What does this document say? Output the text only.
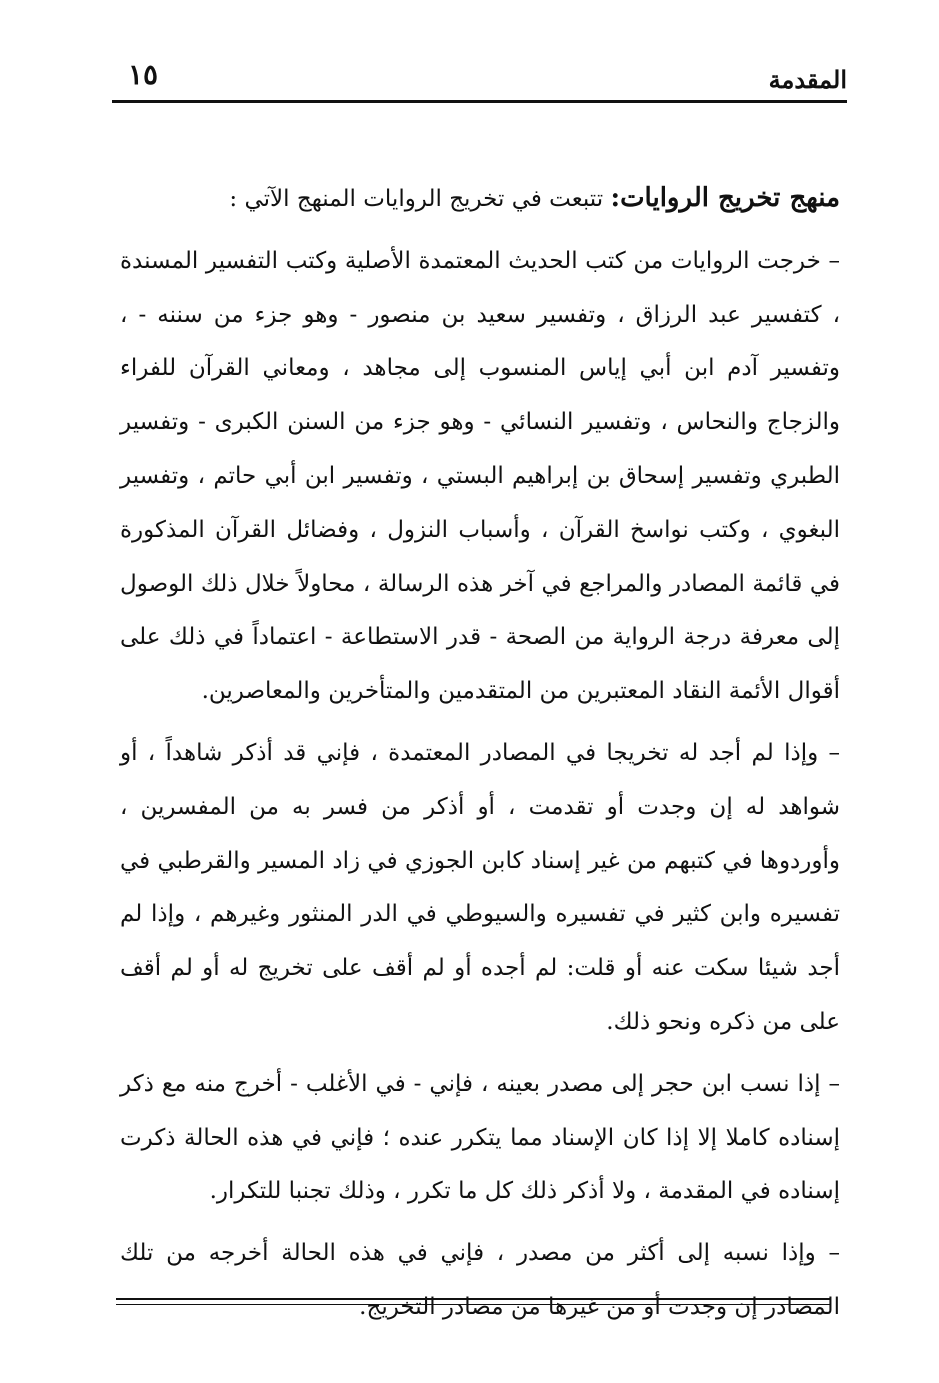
المقدمة
١٥

منهج تخريج الروايات: تتبعت في تخريج الروايات المنهج الآتي :

– خرجت الروايات من كتب الحديث المعتمدة الأصلية وكتب التفسير المسندة ، كتفسير عبد الرزاق ، وتفسير سعيد بن منصور - وهو جزء من سننه - ، وتفسير آدم ابن أبي إياس المنسوب إلى مجاهد ، ومعاني القرآن للفراء والزجاج والنحاس ، وتفسير النسائي - وهو جزء من السنن الكبرى - وتفسير الطبري وتفسير إسحاق بن إبراهيم البستي ، وتفسير ابن أبي حاتم ، وتفسير البغوي ، وكتب نواسخ القرآن ، وأسباب النزول ، وفضائل القرآن المذكورة في قائمة المصادر والمراجع في آخر هذه الرسالة ، محاولاً خلال ذلك الوصول إلى معرفة درجة الرواية من الصحة - قدر الاستطاعة - اعتماداً في ذلك على أقوال الأئمة النقاد المعتبرين من المتقدمين والمتأخرين والمعاصرين.

– وإذا لم أجد له تخريجا في المصادر المعتمدة ، فإني قد أذكر شاهداً ، أو شواهد له إن وجدت أو تقدمت ، أو أذكر من فسر به من المفسرين ، وأوردوها في كتبهم من غير إسناد كابن الجوزي في زاد المسير والقرطبي في تفسيره وابن كثير في تفسيره والسيوطي في الدر المنثور وغيرهم ، وإذا لم أجد شيئا سكت عنه أو قلت: لم أجده أو لم أقف على تخريج له أو لم أقف على من ذكره ونحو ذلك.

– إذا نسب ابن حجر إلى مصدر بعينه ، فإني - في الأغلب - أخرج منه مع ذكر إسناده كاملا إلا إذا كان الإسناد مما يتكرر عنده ؛ فإني في هذه الحالة ذكرت إسناده في المقدمة ، ولا أذكر ذلك كل ما تكرر ، وذلك تجنبا للتكرار.

– وإذا نسبه إلى أكثر من مصدر ، فإني في هذه الحالة أخرجه من تلك المصادر إن وجدت أو من غيرها من مصادر التخريج.
